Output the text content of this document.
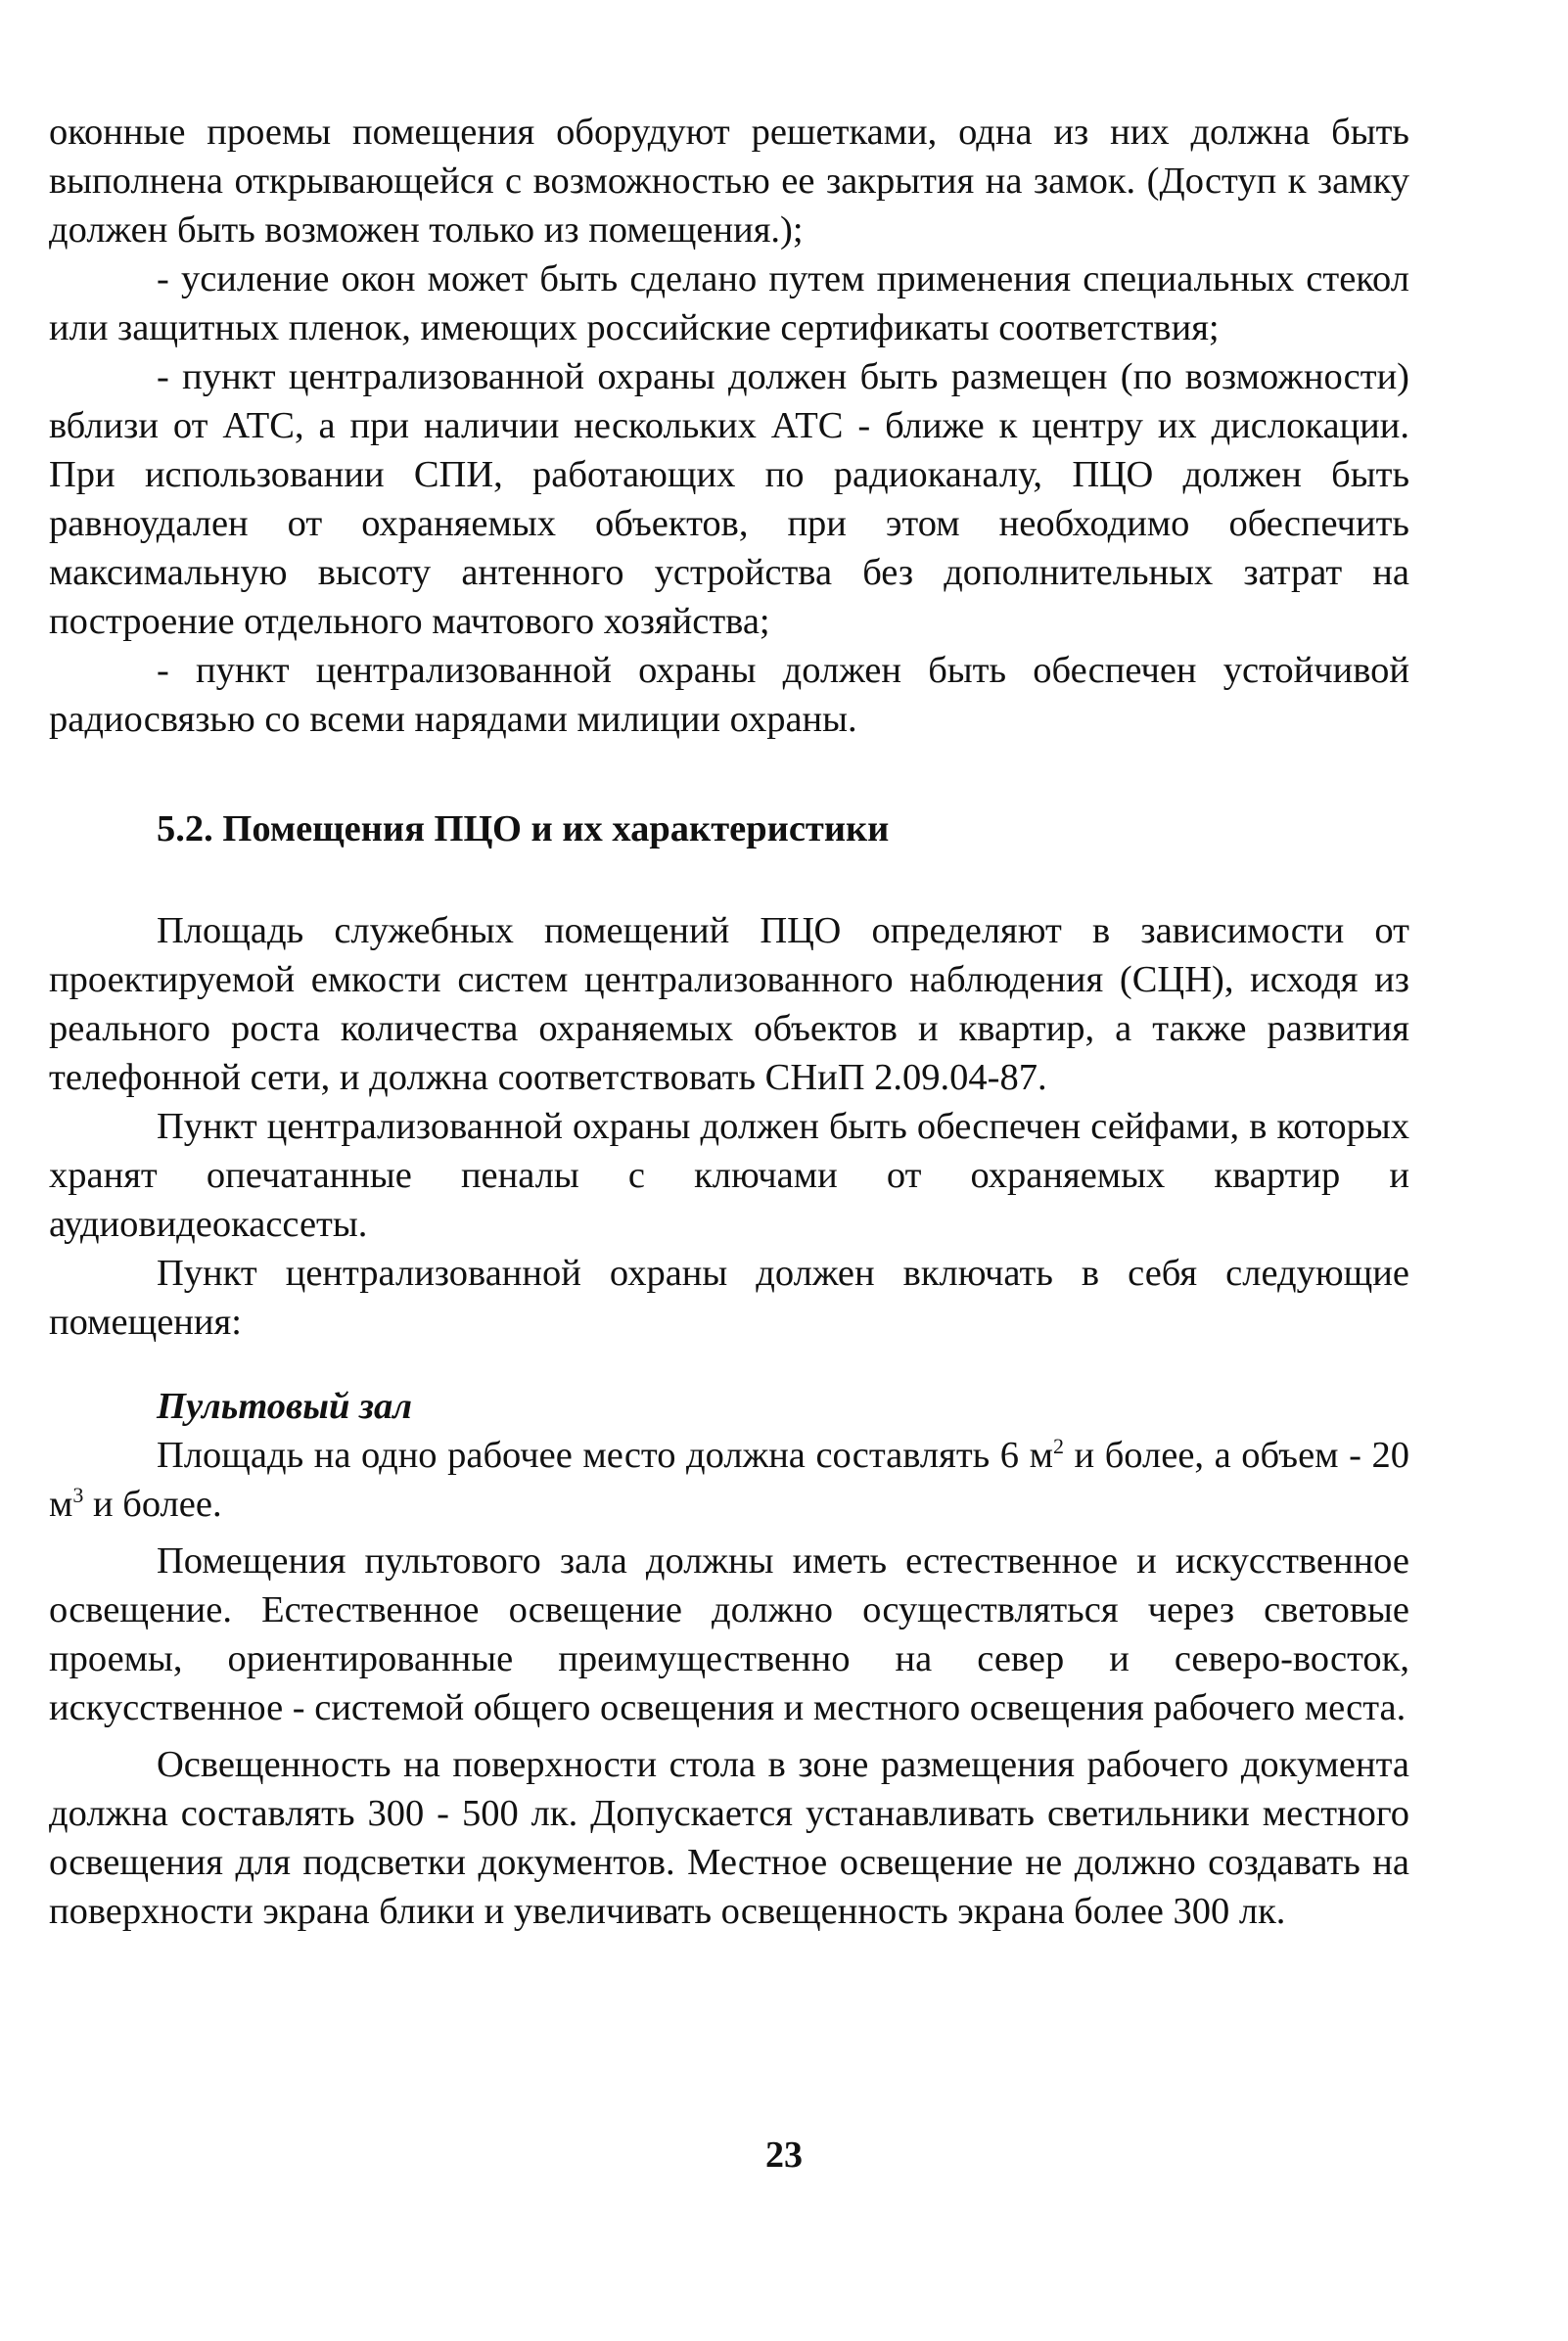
оконные проемы помещения оборудуют решетками, одна из них должна быть выполнена открывающейся с возможностью ее закрытия на замок. (Доступ к замку должен быть возможен только из помещения.);

- усиление окон может быть сделано путем применения специальных стекол или защитных пленок, имеющих российские сертификаты соответствия;

- пункт централизованной охраны должен быть размещен (по возможности) вблизи от АТС, а при наличии нескольких АТС - ближе к центру их дислокации. При использовании СПИ, работающих по радиоканалу, ПЦО должен быть равноудален от охраняемых объектов, при этом необходимо обеспечить максимальную высоту антенного устройства без дополнительных затрат на построение отдельного мачтового хозяйства;

- пункт централизованной охраны должен быть обеспечен устойчивой радиосвязью со всеми нарядами милиции охраны.

5.2. Помещения ПЦО и их характеристики

Площадь служебных помещений ПЦО определяют в зависимости от проектируемой емкости систем централизованного наблюдения (СЦН), исходя из реального роста количества охраняемых объектов и квартир, а также развития телефонной сети, и должна соответствовать СНиП 2.09.04-87.

Пункт централизованной охраны должен быть обеспечен сейфами, в которых хранят опечатанные пеналы с ключами от охраняемых квартир и аудиовидеокассеты.

Пункт централизованной охраны должен включать в себя следующие помещения:

Пультовый зал

Площадь на одно рабочее место должна составлять 6 $м^2$ и более, а объем - 20 $м^3$ и более.

Помещения пультового зала должны иметь естественное и искусственное освещение. Естественное освещение должно осуществляться через световые проемы, ориентированные преимущественно на север и северо-восток, искусственное - системой общего освещения и местного освещения рабочего места.

Освещенность на поверхности стола в зоне размещения рабочего документа должна составлять 300 - 500 лк. Допускается устанавливать светильники местного освещения для подсветки документов. Местное освещение не должно создавать на поверхности экрана блики и увеличивать освещенность экрана более 300 лк.

23
